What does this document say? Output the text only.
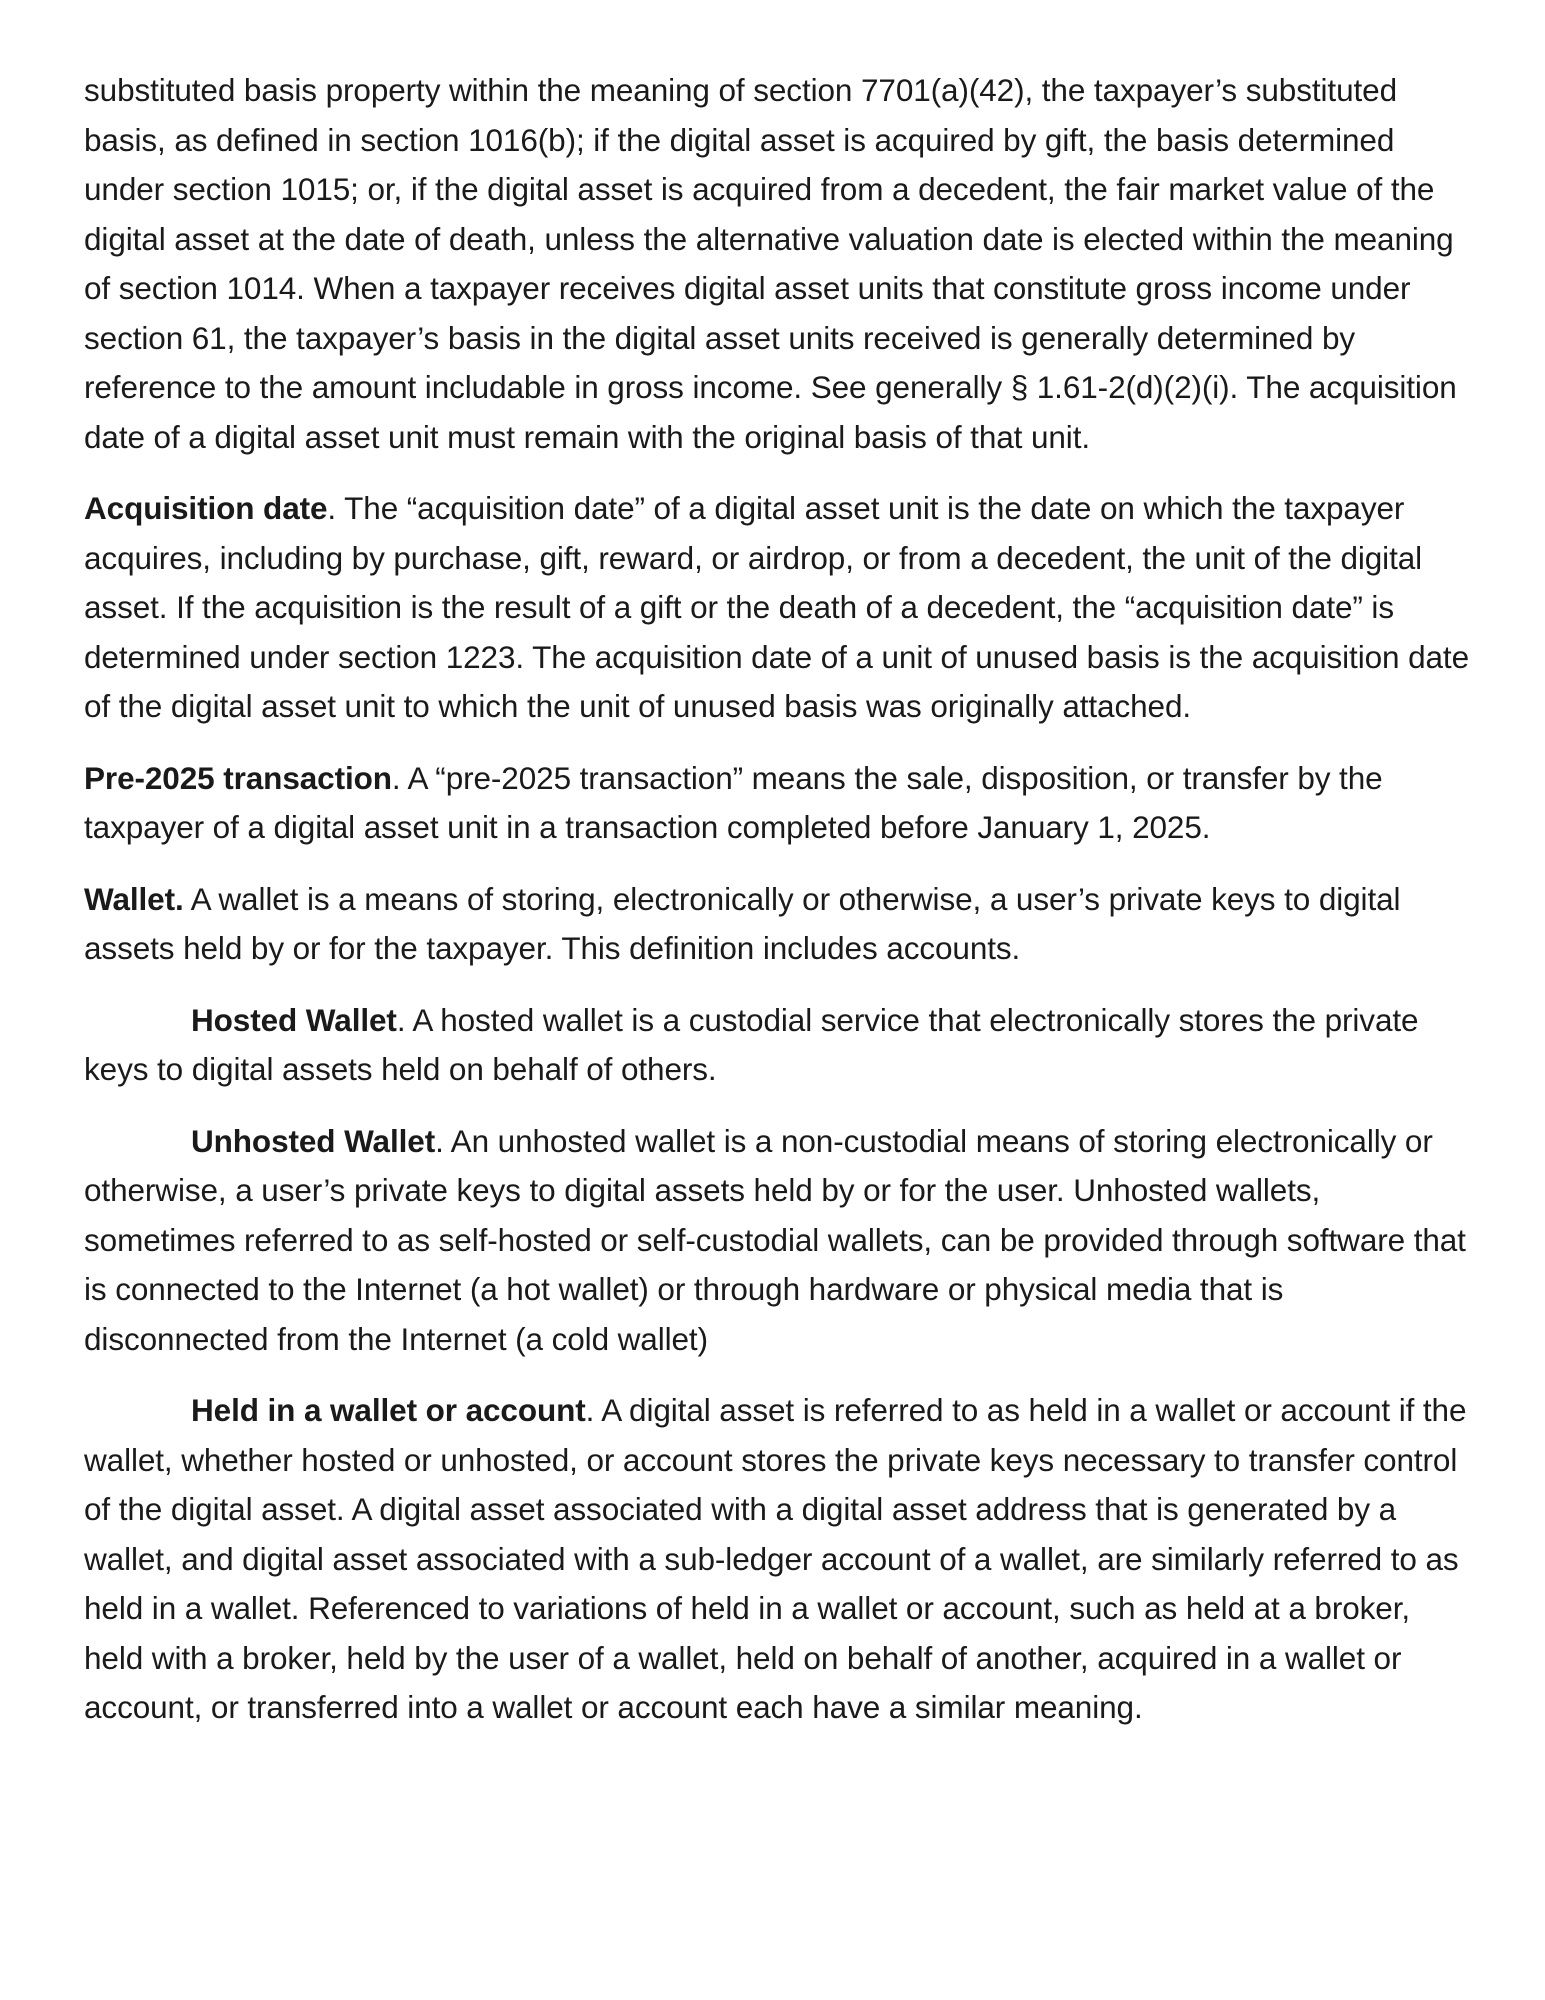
substituted basis property within the meaning of section 7701(a)(42), the taxpayer’s substituted basis, as defined in section 1016(b); if the digital asset is acquired by gift, the basis determined under section 1015; or, if the digital asset is acquired from a decedent, the fair market value of the digital asset at the date of death, unless the alternative valuation date is elected within the meaning of section 1014. When a taxpayer receives digital asset units that constitute gross income under section 61, the taxpayer’s basis in the digital asset units received is generally determined by reference to the amount includable in gross income. See generally § 1.61-2(d)(2)(i). The acquisition date of a digital asset unit must remain with the original basis of that unit.

Acquisition date. The “acquisition date” of a digital asset unit is the date on which the taxpayer acquires, including by purchase, gift, reward, or airdrop, or from a decedent, the unit of the digital asset. If the acquisition is the result of a gift or the death of a decedent, the “acquisition date” is determined under section 1223. The acquisition date of a unit of unused basis is the acquisition date of the digital asset unit to which the unit of unused basis was originally attached.

Pre-2025 transaction. A “pre-2025 transaction” means the sale, disposition, or transfer by the taxpayer of a digital asset unit in a transaction completed before January 1, 2025.

Wallet. A wallet is a means of storing, electronically or otherwise, a user’s private keys to digital assets held by or for the taxpayer. This definition includes accounts.

Hosted Wallet. A hosted wallet is a custodial service that electronically stores the private keys to digital assets held on behalf of others.

Unhosted Wallet. An unhosted wallet is a non-custodial means of storing electronically or otherwise, a user’s private keys to digital assets held by or for the user. Unhosted wallets, sometimes referred to as self-hosted or self-custodial wallets, can be provided through software that is connected to the Internet (a hot wallet) or through hardware or physical media that is disconnected from the Internet (a cold wallet)

Held in a wallet or account. A digital asset is referred to as held in a wallet or account if the wallet, whether hosted or unhosted, or account stores the private keys necessary to transfer control of the digital asset. A digital asset associated with a digital asset address that is generated by a wallet, and digital asset associated with a sub-ledger account of a wallet, are similarly referred to as held in a wallet. Referenced to variations of held in a wallet or account, such as held at a broker, held with a broker, held by the user of a wallet, held on behalf of another, acquired in a wallet or account, or transferred into a wallet or account each have a similar meaning.
